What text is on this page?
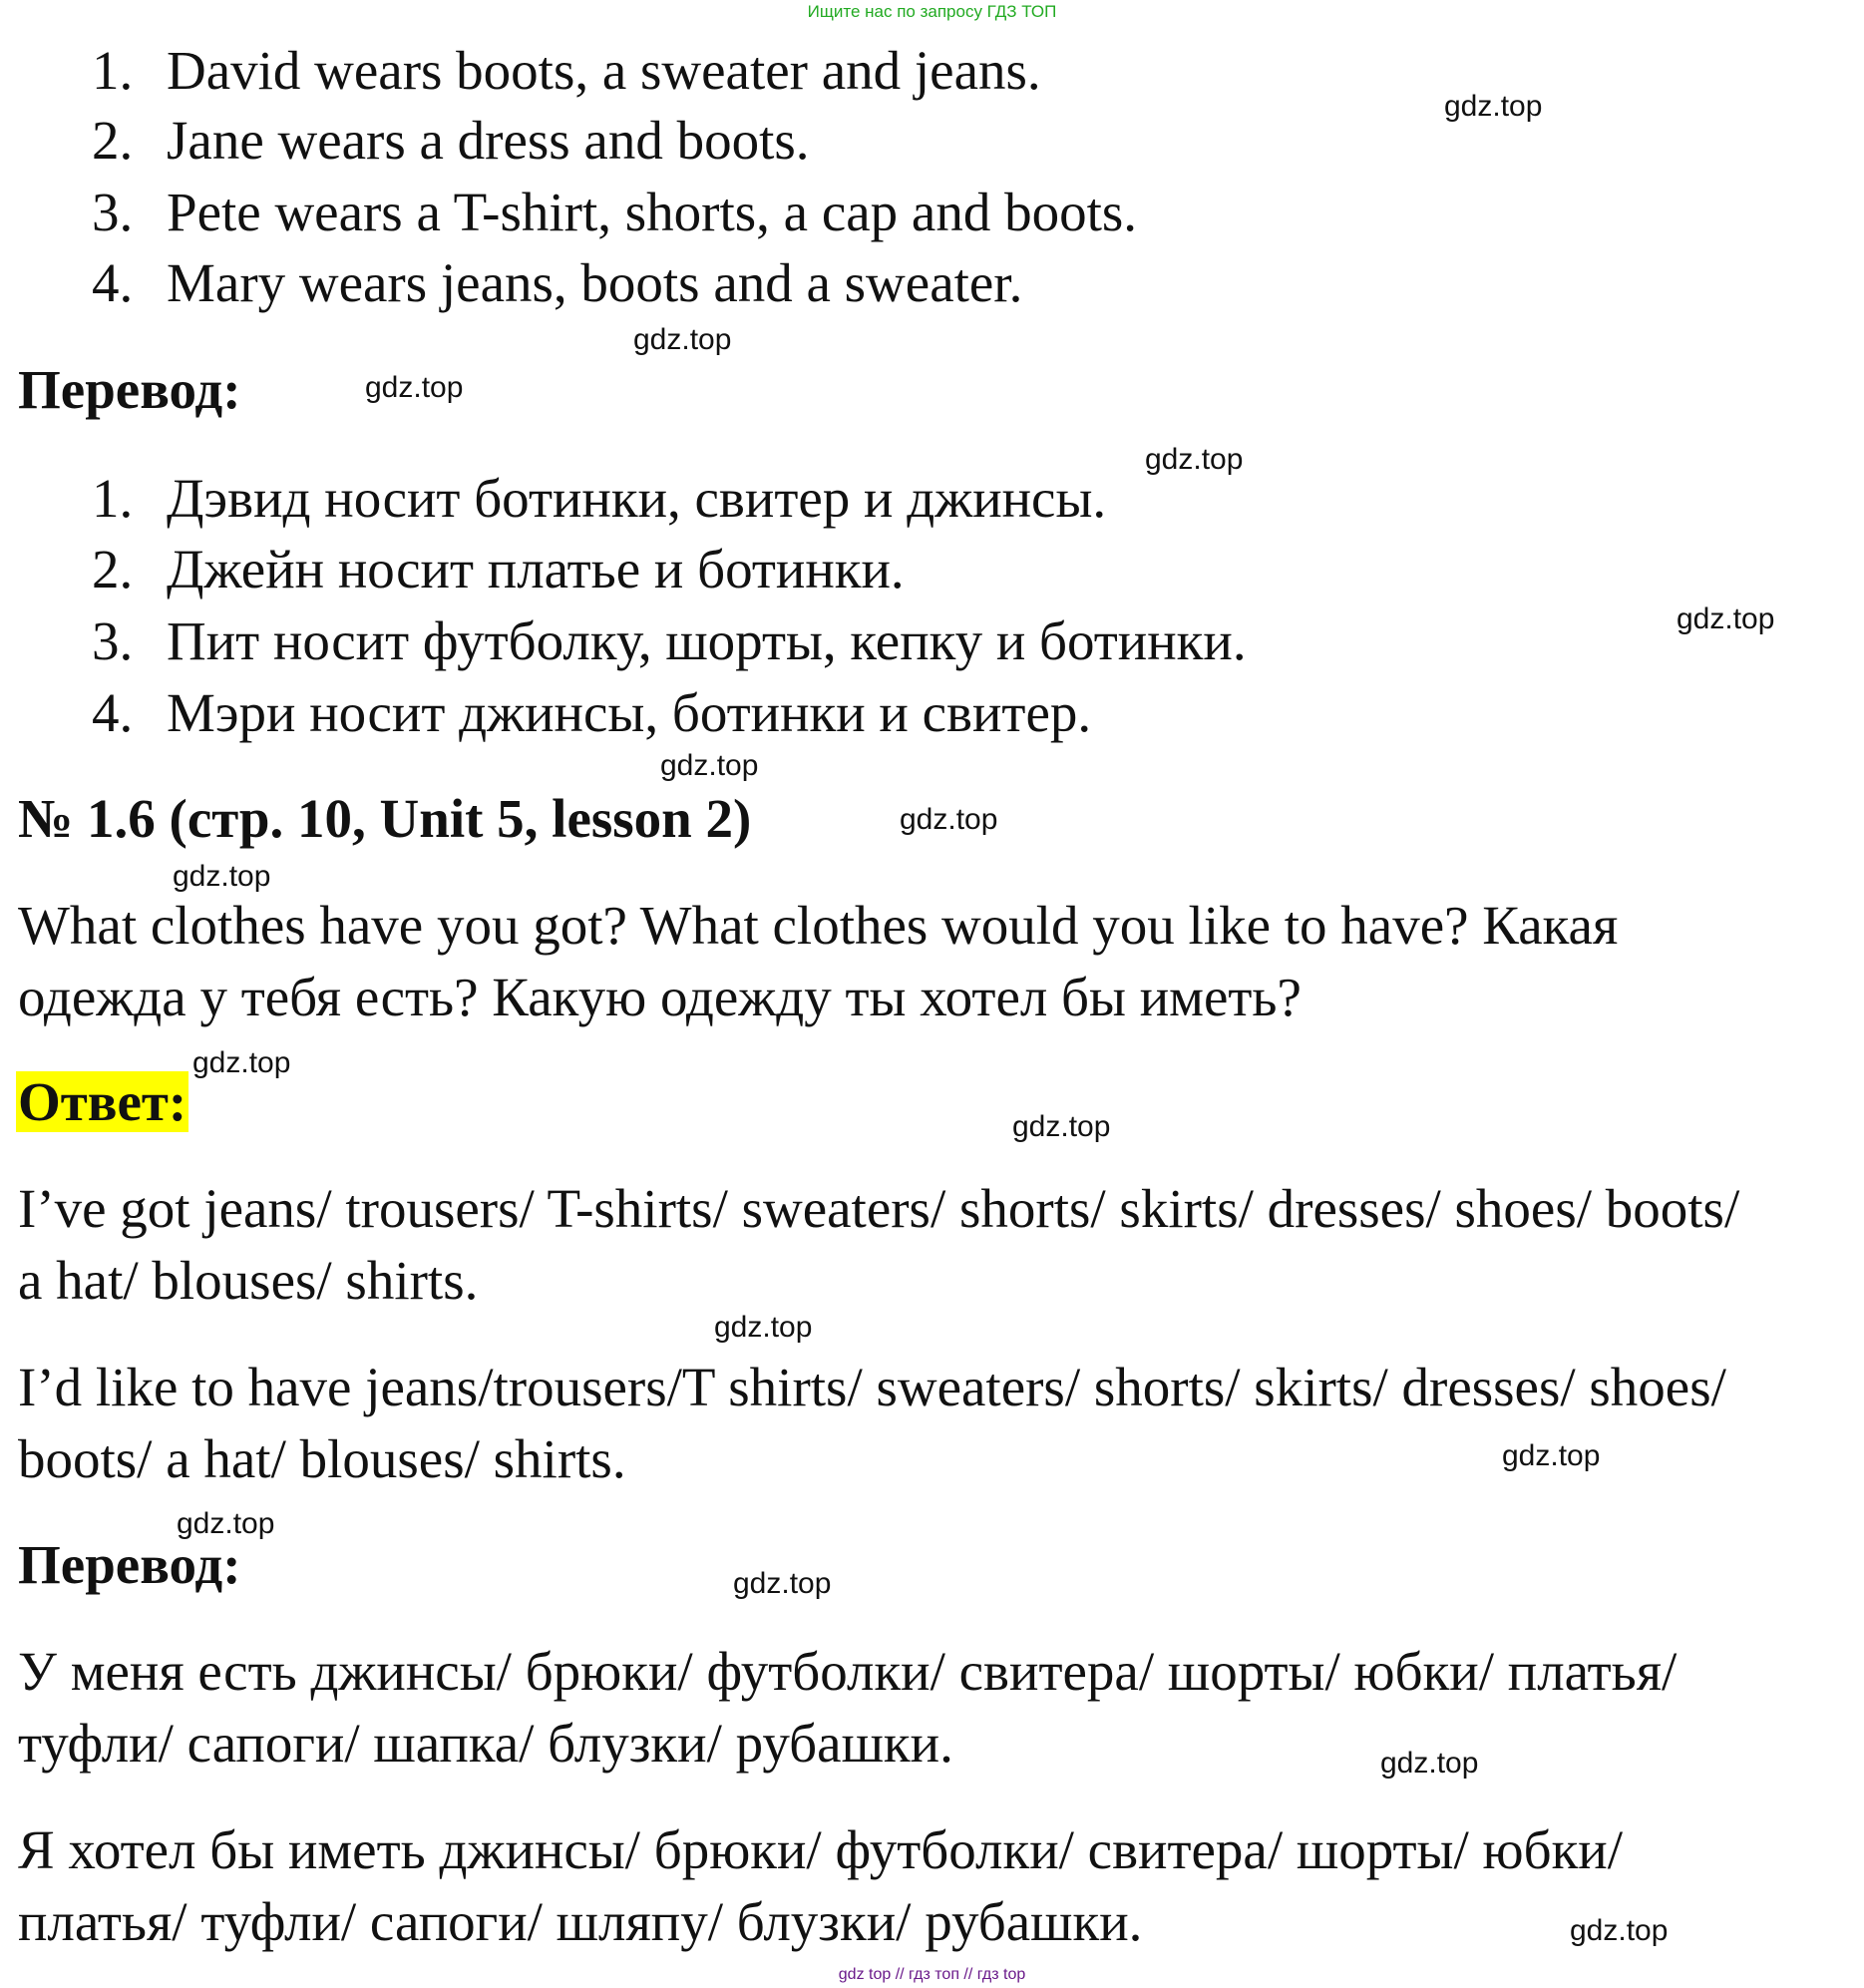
Ищите нас по запросу ГДЗ ТОП
1. David wears boots, a sweater and jeans.
2. Jane wears a dress and boots.
3. Pete wears a T-shirt, shorts, a cap and boots.
4. Mary wears jeans, boots and a sweater.
Перевод:
1. Дэвид носит ботинки, свитер и джинсы.
2. Джейн носит платье и ботинки.
3. Пит носит футболку, шорты, кепку и ботинки.
4. Мэри носит джинсы, ботинки и свитер.
№ 1.6 (стр. 10, Unit 5, lesson 2)
What clothes have you got? What clothes would you like to have? Какая
одежда у тебя есть? Какую одежду ты хотел бы иметь?
Ответ:
I’ve got jeans/ trousers/ T-shirts/ sweaters/ shorts/ skirts/ dresses/ shoes/ boots/
a hat/ blouses/ shirts.
I’d like to have jeans/trousers/T shirts/ sweaters/ shorts/ skirts/ dresses/ shoes/
boots/ a hat/ blouses/ shirts.
Перевод:
У меня есть джинсы/ брюки/ футболки/ свитера/ шорты/ юбки/ платья/
туфли/ сапоги/ шапка/ блузки/ рубашки.
Я хотел бы иметь джинсы/ брюки/ футболки/ свитера/ шорты/ юбки/
платья/ туфли/ сапоги/ шляпу/ блузки/ рубашки.
gdz.top
gdz.top
gdz.top
gdz.top
gdz.top
gdz.top
gdz.top
gdz.top
gdz.top
gdz.top
gdz.top
gdz.top
gdz.top
gdz.top
gdz.top
gdz.top
gdz top // гдз топ // гдз top
